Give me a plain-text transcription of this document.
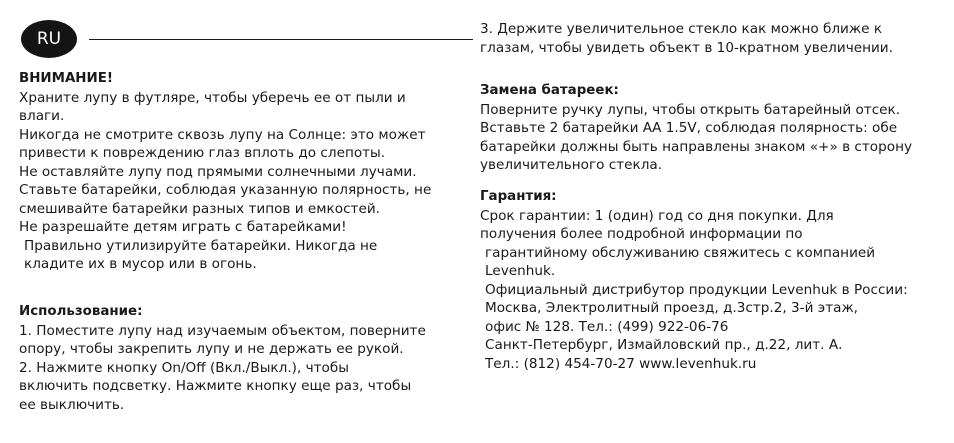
RU

ВНИМАНИЕ!

Храните лупу в футляре, чтобы уберечь ее от пыли и

влаги.

Никогда не смотрите сквозь лупу на Солнце: это может

привести к повреждению глаз вплоть до слепоты.

Не оставляйте лупу под прямыми солнечными лучами.

Ставьте батарейки, соблюдая указанную полярность, не

смешивайте батарейки разных типов и емкостей.

Не разрешайте детям играть с батарейками!

Правильно утилизируйте батарейки. Никогда не

кладите их в мусор или в огонь.

Использование:

1. Поместите лупу над изучаемым объектом, поверните

опору, чтобы закрепить лупу и не держать ее рукой.

2. Нажмите кнопку On/Off (Вкл./Выкл.), чтобы

включить подсветку. Нажмите кнопку еще раз, чтобы

ее выключить.

3. Держите увеличительное стекло как можно ближе к

глазам, чтобы увидеть объект в 10-кратном увеличении.

Замена батареек:

Поверните ручку лупы, чтобы открыть батарейный отсек.

Вставьте 2 батарейки АА 1.5V, соблюдая полярность: обе

батарейки должны быть направлены знаком «+» в сторону

увеличительного стекла.

Гарантия:

Срок гарантии: 1 (один) год со дня покупки. Для

получения более подробной информации по

гарантийному обслуживанию свяжитесь с компанией

Levenhuk.

Официальный дистрибутор продукции Levenhuk в России:

Москва, Электролитный проезд, д.3стр.2, 3-й этаж,

офис № 128. Тел.: (499) 922-06-76

Санкт-Петербург, Измайловский пр., д.22, лит. А.

Тел.: (812) 454-70-27 www.levenhuk.ru
